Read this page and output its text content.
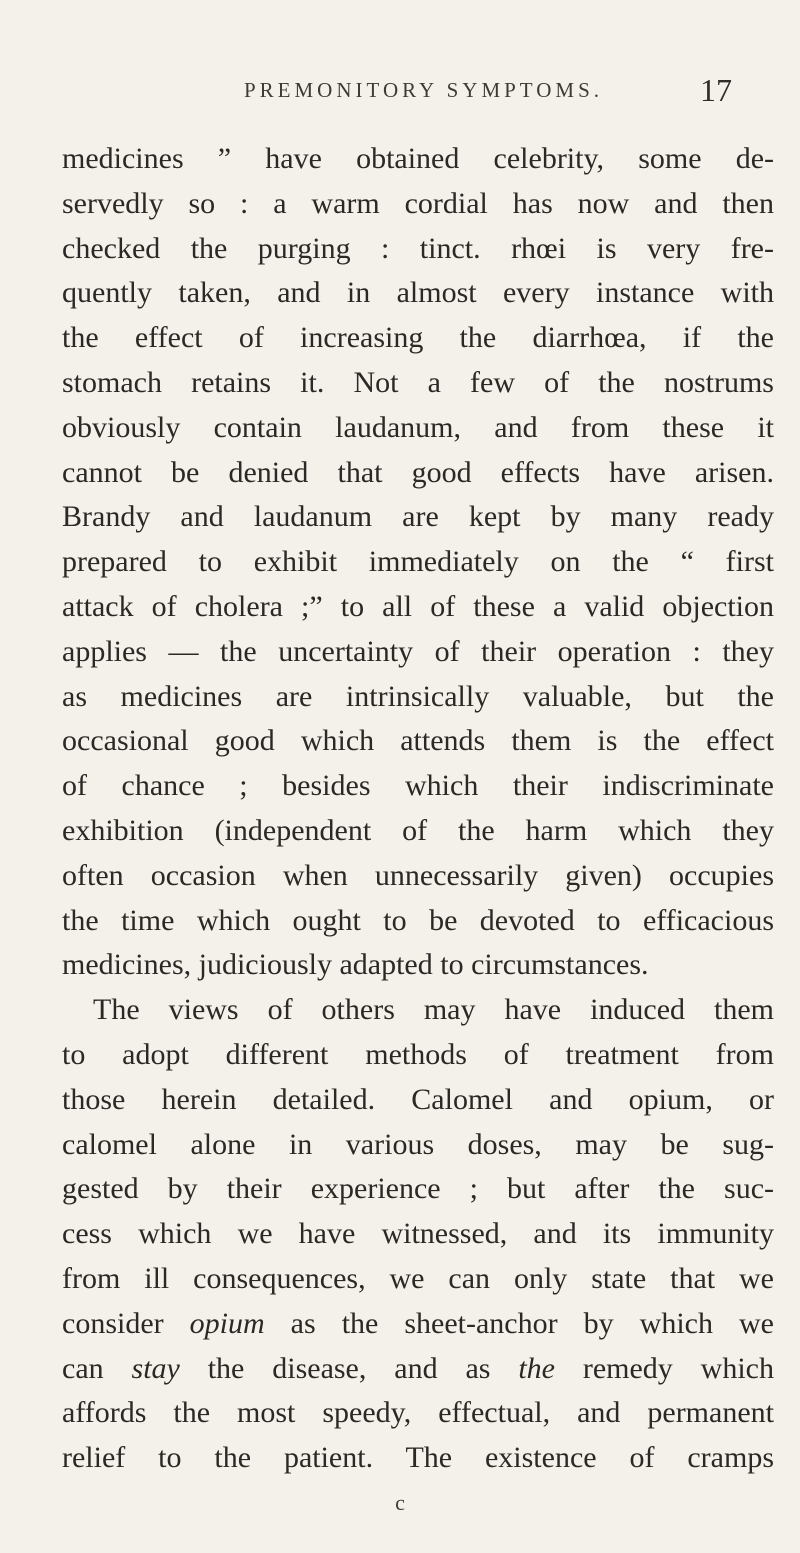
PREMONITORY SYMPTOMS.	17
medicines ” have obtained celebrity, some de-
servedly so : a warm cordial has now and then
checked the purging : tinct. rhœi is very fre-
quently taken, and in almost every instance with
the effect of increasing the diarrhœa, if the
stomach retains it. Not a few of the nostrums
obviously contain laudanum, and from these it
cannot be denied that good effects have arisen.
Brandy and laudanum are kept by many ready
prepared to exhibit immediately on the “ first
attack of cholera ;” to all of these a valid objection
applies — the uncertainty of their operation : they
as medicines are intrinsically valuable, but the
occasional good which attends them is the effect
of chance ; besides which their indiscriminate
exhibition (independent of the harm which they
often occasion when unnecessarily given) occupies
the time which ought to be devoted to efficacious
medicines, judiciously adapted to circumstances.
The views of others may have induced them
to adopt different methods of treatment from
those herein detailed. Calomel and opium, or
calomel alone in various doses, may be sug-
gested by their experience ; but after the suc-
cess which we have witnessed, and its immunity
from ill consequences, we can only state that we
consider opium as the sheet-anchor by which we
can stay the disease, and as the remedy which
affords the most speedy, effectual, and permanent
relief to the patient. The existence of cramps
c
